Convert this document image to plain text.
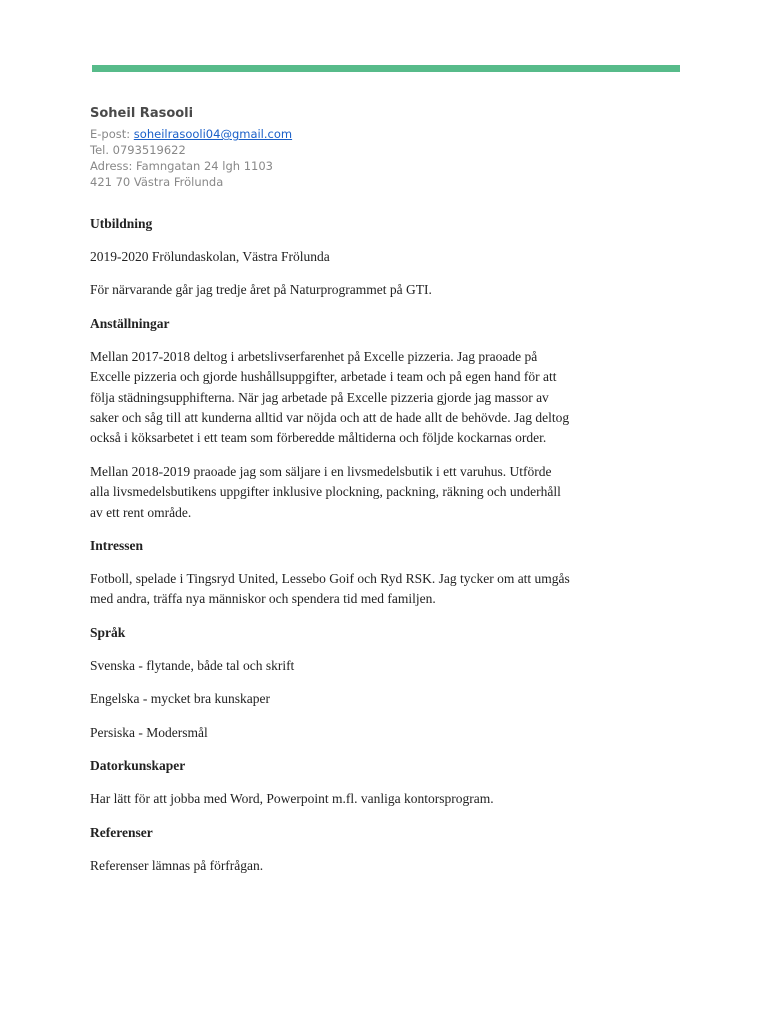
Soheil Rasooli
E-post: soheilrasooli04@gmail.com
Tel. 0793519622
Adress: Famngatan 24 lgh 1103
421 70 Västra Frölunda
Utbildning
2019-2020 Frölundaskolan, Västra Frölunda
För närvarande går jag tredje året på Naturprogrammet på GTI.
Anställningar
Mellan 2017-2018 deltog i arbetslivserfarenhet på Excelle pizzeria. Jag praoade på Excelle pizzeria och gjorde hushållsuppgifter, arbetade i team och på egen hand för att följa städningsupphifterna. När jag arbetade på Excelle pizzeria gjorde jag massor av saker och såg till att kunderna alltid var nöjda och att de hade allt de behövde. Jag deltog också i köksarbetet i ett team som förberedde måltiderna och följde kockarnas order.
Mellan 2018-2019 praoade jag som säljare i en livsmedelsbutik i ett varuhus. Utförde alla livsmedelsbutikens uppgifter inklusive plockning, packning, räkning och underhåll av ett rent område.
Intressen
Fotboll, spelade i Tingsryd United, Lessebo Goif och Ryd RSK. Jag tycker om att umgås med andra, träffa nya människor och spendera tid med familjen.
Språk
Svenska - flytande, både tal och skrift
Engelska - mycket bra kunskaper
Persiska - Modersmål
Datorkunskaper
Har lätt för att jobba med Word, Powerpoint m.fl. vanliga kontorsprogram.
Referenser
Referenser lämnas på förfrågan.
